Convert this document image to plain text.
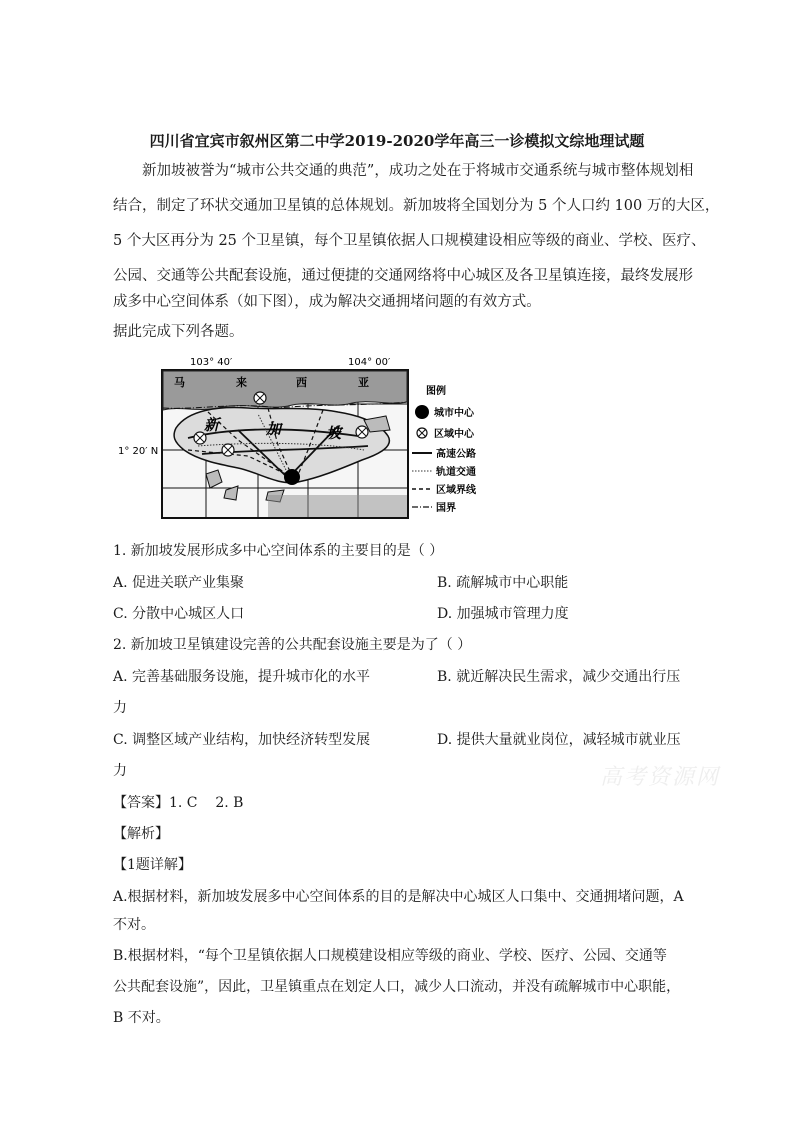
四川省宜宾市叙州区第二中学2019-2020学年高三一诊模拟文综地理试题
新加坡被誉为“城市公共交通的典范”，成功之处在于将城市交通系统与城市整体规划相
结合，制定了环状交通加卫星镇的总体规划。新加坡将全国划分为 5 个人口约 100 万的大区，
5 个大区再分为 25 个卫星镇，每个卫星镇依据人口规模建设相应等级的商业、学校、医疗、
公园、交通等公共配套设施，通过便捷的交通网络将中心城区及各卫星镇连接，最终发展形
成多中心空间体系（如下图），成为解决交通拥堵问题的有效方式。
据此完成下列各题。
103° 40′	104° 00′
1° 20′ N
马	来	西	亚
新	加	坡
图例
城市中心
区域中心
高速公路
轨道交通
区域界线
国界
1. 新加坡发展形成多中心空间体系的主要目的是（ ）
A. 促进关联产业集聚	B. 疏解城市中心职能
C. 分散中心城区人口	D. 加强城市管理力度
2. 新加坡卫星镇建设完善的公共配套设施主要是为了（ ）
A. 完善基础服务设施，提升城市化的水平	B. 就近解决民生需求，减少交通出行压
力
C. 调整区域产业结构，加快经济转型发展	D. 提供大量就业岗位，减轻城市就业压
力
【答案】1. C    2. B
【解析】
【1题详解】
A.根据材料，新加坡发展多中心空间体系的目的是解决中心城区人口集中、交通拥堵问题，A
不对。
B.根据材料，“每个卫星镇依据人口规模建设相应等级的商业、学校、医疗、公园、交通等
公共配套设施”，因此，卫星镇重点在划定人口，减少人口流动，并没有疏解城市中心职能，
B 不对。
高考资源网
